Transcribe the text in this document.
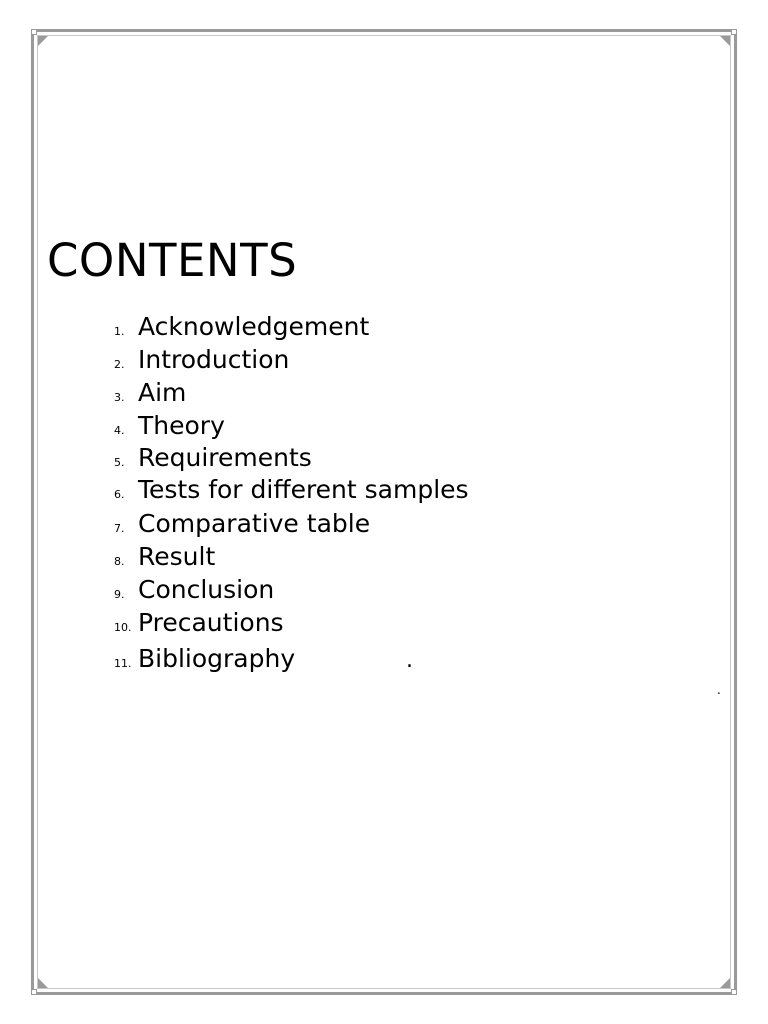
CONTENTS
1. Acknowledgement
2. Introduction
3. Aim
4. Theory
5. Requirements
6. Tests for different samples
7. Comparative table
8. Result
9. Conclusion
10. Precautions
11. Bibliography	.
.
